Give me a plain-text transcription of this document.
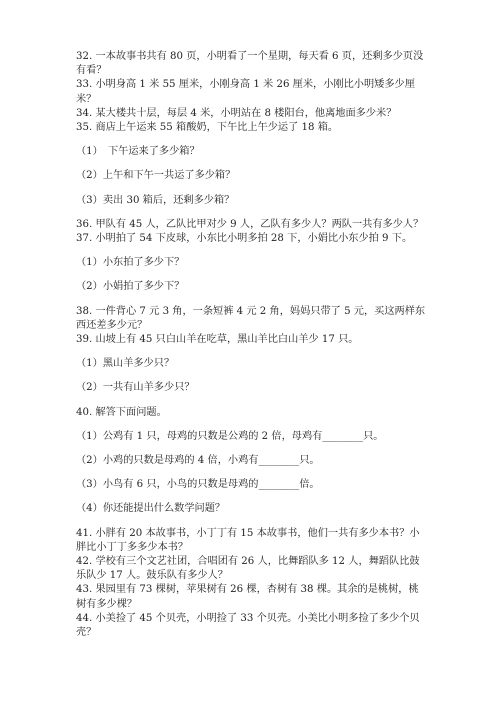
32. 一本故事书共有 80 页，小明看了一个星期，每天看 6 页，还剩多少页没有看？

33. 小明身高 1 米 55 厘米，小刚身高 1 米 26 厘米，小刚比小明矮多少厘米？

34. 某大楼共十层，每层 4 米，小明站在 8 楼阳台，他离地面多少米？

35. 商店上午运来 55 箱酸奶，下午比上午少运了 18 箱。

（1）　下午运来了多少箱？

（2）上午和下午一共运了多少箱？

（3）卖出 30 箱后，还剩多少箱？

36. 甲队有 45 人，乙队比甲对少 9 人，乙队有多少人？两队一共有多少人？

37. 小明拍了 54 下皮球，小东比小明多拍 28 下，小娟比小东少拍 9 下。

（1）小东拍了多少下？

（2）小娟拍了多少下？

38. 一件背心 7 元 3 角，一条短裤 4 元 2 角，妈妈只带了 5 元，买这两样东西还差多少元？

39. 山坡上有 45 只白山羊在吃草，黑山羊比白山羊少 17 只。

（1）黑山羊多少只？

（2）一共有山羊多少只？

40. 解答下面问题。

（1）公鸡有 1 只，母鸡的只数是公鸡的 2 倍，母鸡有________只。

（2）小鸡的只数是母鸡的 4 倍，小鸡有________只。

（3）小鸟有 6 只，小鸟的只数是母鸡的________倍。

（4）你还能提出什么数学问题？

41. 小胖有 20 本故事书，小丁丁有 15 本故事书，他们一共有多少本书？小胖比小丁丁多多少本书？

42. 学校有三个文艺社团，合唱团有 26 人，比舞蹈队多 12 人，舞蹈队比鼓乐队少 17 人。鼓乐队有多少人？

43. 果园里有 73 棵树，苹果树有 26 棵，杏树有 38 棵。其余的是桃树，桃树有多少棵？

44. 小美捡了 45 个贝壳，小明捡了 33 个贝壳。小美比小明多捡了多少个贝壳？
